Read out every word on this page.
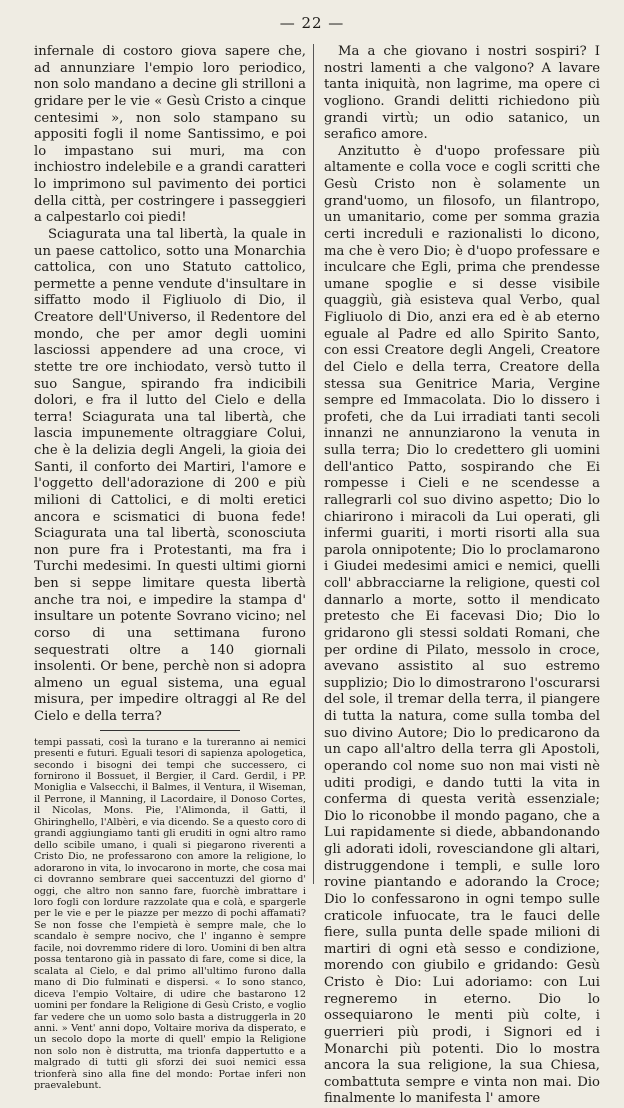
— 22 —

infernale di costoro giova sapere che, ad annunziare l'empio loro periodico, non solo mandano a decine gli strilloni a gridare per le vie « Gesù Cristo a cinque centesimi », non solo stampano su appositi fogli il nome Santissimo, e poi lo impastano sui muri, ma con inchiostro indelebile e a grandi caratteri lo imprimono sul pavimento dei portici della città, per costringere i passeggieri a calpestarlo coi piedi!

Sciagurata una tal libertà, la quale in un paese cattolico, sotto una Monarchia cattolica, con uno Statuto cattolico, permette a penne vendute d'insultare in siffatto modo il Figliuolo di Dio, il Creatore dell'Universo, il Redentore del mondo, che per amor degli uomini lasciossi appendere ad una croce, vi stette tre ore inchiodato, versò tutto il suo Sangue, spirando fra indicibili dolori, e fra il lutto del Cielo e della terra! Sciagurata una tal libertà, che lascia impunemente oltraggiare Colui, che è la delizia degli Angeli, la gioia dei Santi, il conforto dei Martiri, l'amore e l'oggetto dell'adorazione di 200 e più milioni di Cattolici, e di molti eretici ancora e scismatici di buona fede! Sciagurata una tal libertà, sconosciuta non pure fra i Protestanti, ma fra i Turchi medesimi. In questi ultimi giorni ben si seppe limitare questa libertà anche tra noi, e impedire la stampa d' insultare un potente Sovrano vicino; nel corso di una settimana furono sequestrati oltre a 140 giornali insolenti. Or bene, perchè non si adopra almeno un egual sistema, una egual misura, per impedire oltraggi al Re del Cielo e della terra?

tempi passati, così la turano e la tureranno ai nemici presenti e futuri. Eguali tesori di sapienza apologetica, secondo i bisogni dei tempi che successero, ci fornirono il Bossuet, il Bergier, il Card. Gerdil, i PP. Moniglia e Valsecchi, il Balmes, il Ventura, il Wiseman, il Perrone, il Manning, il Lacordaire, il Donoso Cortes, il Nicolas, Mons. Pie, l'Alimonda, il Gatti, il Ghiringhello, l'Albèri, e via dicendo. Se a questo coro di grandi aggiungiamo tanti gli eruditi in ogni altro ramo dello scibile umano, i quali si piegarono riverenti a Cristo Dio, ne professarono con amore la religione, lo adorarono in vita, lo invocarono in morte, che cosa mai ci dovranno sembrare quei saccentuzzi del giorno d' oggi, che altro non sanno fare, fuorchè imbrattare i loro fogli con lordure razzolate qua e colà, e spargerle per le vie e per le piazze per mezzo di pochi affamati? Se non fosse che l'empietà è sempre male, che lo scandalo è sempre nocivo, che l' inganno è sempre facile, noi dovremmo ridere di loro. Uomini di ben altra possa tentarono già in passato di fare, come si dice, la scalata al Cielo, e dal primo all'ultimo furono dalla mano di Dio fulminati e dispersi. « Io sono stanco, diceva l'empio Voltaire, di udire che bastarono 12 uomini per fondare la Religione di Gesù Cristo, e voglio far vedere che un uomo solo basta a distruggerla in 20 anni. » Vent' anni dopo, Voltaire moriva da disperato, e un secolo dopo la morte di quell' empio la Religione non solo non è distrutta, ma trionfa dappertutto e a malgrado di tutti gli sforzi dei suoi nemici essa trionferà sino alla fine del mondo: Portae inferi non praevalebunt.

Ma a che giovano i nostri sospiri? I nostri lamenti a che valgono? A lavare tanta iniquità, non lagrime, ma opere ci vogliono. Grandi delitti richiedono più grandi virtù; un odio satanico, un serafico amore.

Anzitutto è d'uopo professare più altamente e colla voce e cogli scritti che Gesù Cristo non è solamente un grand'uomo, un filosofo, un filantropo, un umanitario, come per somma grazia certi increduli e razionalisti lo dicono, ma che è vero Dio; è d'uopo professare e inculcare che Egli, prima che prendesse umane spoglie e si desse visibile quaggiù, già esisteva qual Verbo, qual Figliuolo di Dio, anzi era ed è ab eterno eguale al Padre ed allo Spirito Santo, con essi Creatore degli Angeli, Creatore del Cielo e della terra, Creatore della stessa sua Genitrice Maria, Vergine sempre ed Immacolata. Dio lo dissero i profeti, che da Lui irradiati tanti secoli innanzi ne annunziarono la venuta in sulla terra; Dio lo credettero gli uomini dell'antico Patto, sospirando che Ei rompesse i Cieli e ne scendesse a rallegrarli col suo divino aspetto; Dio lo chiarirono i miracoli da Lui operati, gli infermi guariti, i morti risorti alla sua parola onnipotente; Dio lo proclamarono i Giudei medesimi amici e nemici, quelli coll' abbracciarne la religione, questi col dannarlo a morte, sotto il mendicato pretesto che Ei facevasi Dio; Dio lo gridarono gli stessi soldati Romani, che per ordine di Pilato, messolo in croce, avevano assistito al suo estremo supplizio; Dio lo dimostrarono l'oscurarsi del sole, il tremar della terra, il piangere di tutta la natura, come sulla tomba del suo divino Autore; Dio lo predicarono da un capo all'altro della terra gli Apostoli, operando col nome suo non mai visti nè uditi prodigi, e dando tutti la vita in conferma di questa verità essenziale; Dio lo riconobbe il mondo pagano, che a Lui rapidamente si diede, abbandonando gli adorati idoli, rovesciandone gli altari, distruggendone i templi, e sulle loro rovine piantando e adorando la Croce; Dio lo confessarono in ogni tempo sulle craticole infuocate, tra le fauci delle fiere, sulla punta delle spade milioni di martiri di ogni età sesso e condizione, morendo con giubilo e gridando: Gesù Cristo è Dio: Lui adoriamo: con Lui regneremo in eterno. Dio lo ossequiarono le menti più colte, i guerrieri più prodi, i Signori ed i Monarchi più potenti. Dio lo mostra ancora la sua religione, la sua Chiesa, combattuta sempre e vinta non mai. Dio finalmente lo manifesta l' amore
